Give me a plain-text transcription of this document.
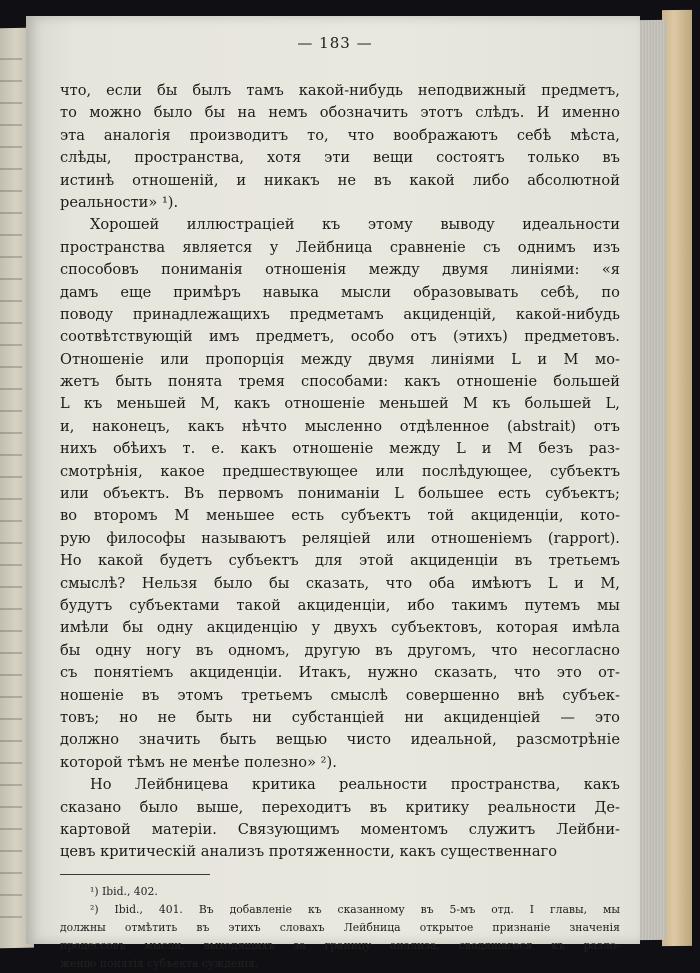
— 183 —
что, если бы былъ тамъ какой-нибудь неподвижный предметъ,
то можно было бы на немъ обозначить этотъ слѣдъ. И именно
эта аналогія производитъ то, что воображаютъ себѣ мѣста,
слѣды, пространства, хотя эти вещи состоятъ только въ
истинѣ отношеній, и никакъ не въ какой либо абсолютной
реальности» ¹).
Хорошей иллюстраціей къ этому выводу идеальности
пространства является у Лейбница сравненіе съ однимъ изъ
способовъ пониманія отношенія между двумя линіями: «я
дамъ еще примѣръ навыка мысли образовывать себѣ, по
поводу принадлежащихъ предметамъ акциденцій, какой-нибудь
соотвѣтствующій имъ предметъ, особо отъ (этихъ) предметовъ.
Отношеніе или пропорція между двумя линіями L и M мо-
жетъ быть понята тремя способами: какъ отношеніе большей
L къ меньшей M, какъ отношеніе меньшей M къ большей L,
и, наконецъ, какъ нѣчто мысленно отдѣленное (abstrait) отъ
нихъ обѣихъ т. е. какъ отношеніе между L и M безъ раз-
смотрѣнія, какое предшествующее или послѣдующее, субъектъ
или объектъ. Въ первомъ пониманіи L большее есть субъектъ;
во второмъ M меньшее есть субъектъ той акциденціи, кото-
рую философы называютъ реляціей или отношеніемъ (rapport).
Но какой будетъ субъектъ для этой акциденціи въ третьемъ
смыслѣ? Нельзя было бы сказать, что оба имѣютъ L и M,
будутъ субъектами такой акциденціи, ибо такимъ путемъ мы
имѣли бы одну акциденцію у двухъ субъектовъ, которая имѣла
бы одну ногу въ одномъ, другую въ другомъ, что несогласно
съ понятіемъ акциденціи. Итакъ, нужно сказать, что это от-
ношеніе въ этомъ третьемъ смыслѣ совершенно внѣ субъек-
товъ; но не быть ни субстанціей ни акциденціей — это
должно значить быть вещью чисто идеальной, разсмотрѣніе
которой тѣмъ не менѣе полезно» ²).
Но Лейбницева критика реальности пространства, какъ
сказано было выше, переходитъ въ критику реальности Де-
картовой матеріи. Связующимъ моментомъ служитъ Лейбни-
цевъ критическій анализъ протяженности, какъ существеннаго
¹) Ibid., 402.
²) Ibid., 401. Въ добавленіе къ сказанному въ 5-мъ отд. I главы, мы
должны отмѣтить въ этихъ словахъ Лейбница открытое признаніе значенія
процессовъ мысли, выходящихъ за границу анализа, сводящагося къ разло-
женію понятія субъекта сужденія.
